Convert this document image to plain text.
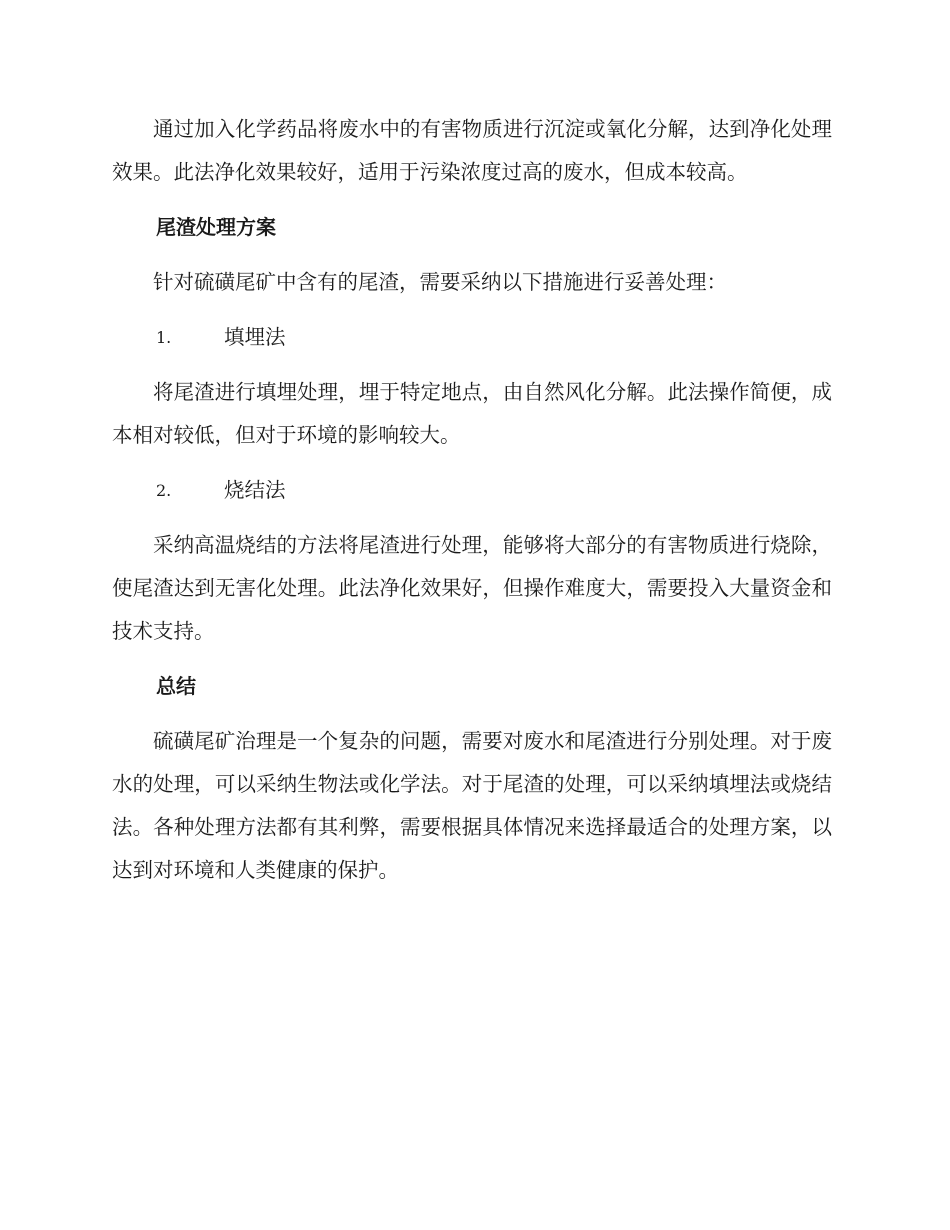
通过加入化学药品将废水中的有害物质进行沉淀或氧化分解，达到净化处理效果。此法净化效果较好，适用于污染浓度过高的废水，但成本较高。

尾渣处理方案

针对硫磺尾矿中含有的尾渣，需要采纳以下措施进行妥善处理：

1.	填埋法

将尾渣进行填埋处理，埋于特定地点，由自然风化分解。此法操作简便，成本相对较低，但对于环境的影响较大。

2.	烧结法

采纳高温烧结的方法将尾渣进行处理，能够将大部分的有害物质进行烧除，使尾渣达到无害化处理。此法净化效果好，但操作难度大，需要投入大量资金和技术支持。

总结

硫磺尾矿治理是一个复杂的问题，需要对废水和尾渣进行分别处理。对于废水的处理，可以采纳生物法或化学法。对于尾渣的处理，可以采纳填埋法或烧结法。各种处理方法都有其利弊，需要根据具体情况来选择最适合的处理方案，以达到对环境和人类健康的保护。
